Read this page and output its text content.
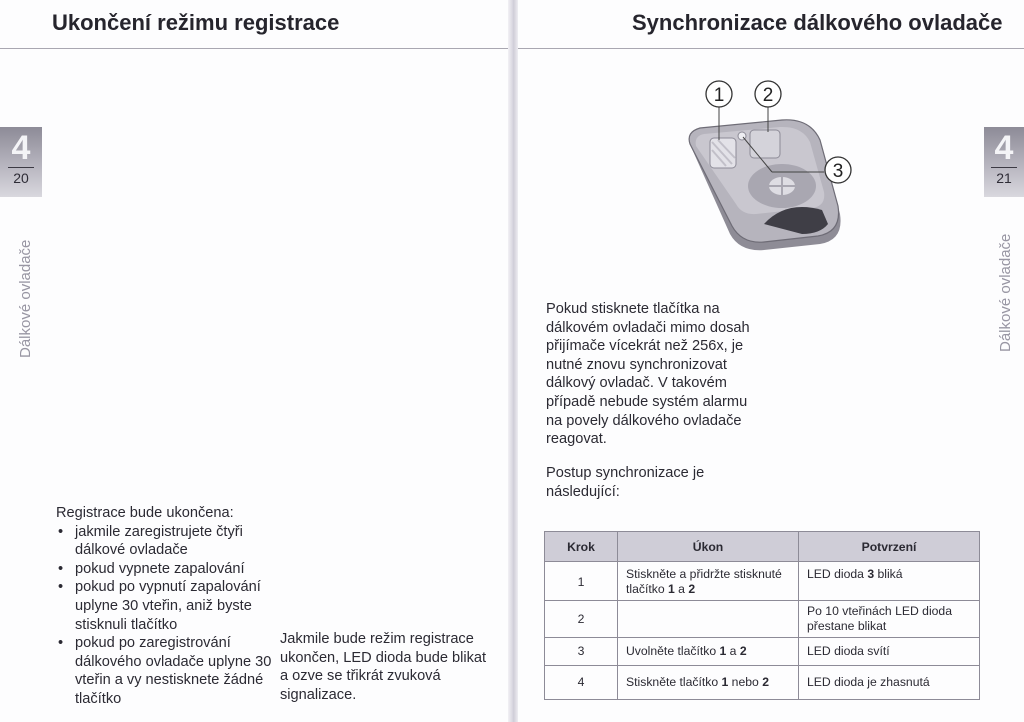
Ukončení režimu registrace
4
20
Dálkové ovladače

Registrace bude ukončena:

• jakmile zaregistrujete čtyři dálkové ovladače
• pokud vypnete zapalování
• pokud po vypnutí zapalování uplyne 30 vteřin, aniž byste stisknuli tlačítko
• pokud po zaregistrování dálkového ovladače uplyne 30 vteřin a vy nestisknete žádné tlačítko

Jakmile bude režim registrace ukončen, LED dioda bude blikat a ozve se třikrát zvuková signalizace.

Synchronizace dálkového ovladače
4
21
Dálkové ovladače
1 2
3

Pokud stisknete tlačítka na dálkovém ovladači mimo dosah přijímače vícekrát než 256x, je nutné znovu synchronizovat dálkový ovladač. V takovém případě nebude systém alarmu na povely dálkového ovladače reagovat.

Postup synchronizace je následující:

Krok	Úkon	Potvrzení
1	Stiskněte a přidržte stisknuté tlačítko 1 a 2	LED dioda 3 bliká
2		Po 10 vteřinách LED dioda přestane blikat
3	Uvolněte tlačítko 1 a 2	LED dioda svítí
4	Stiskněte tlačítko 1 nebo 2	LED dioda je zhasnutá
